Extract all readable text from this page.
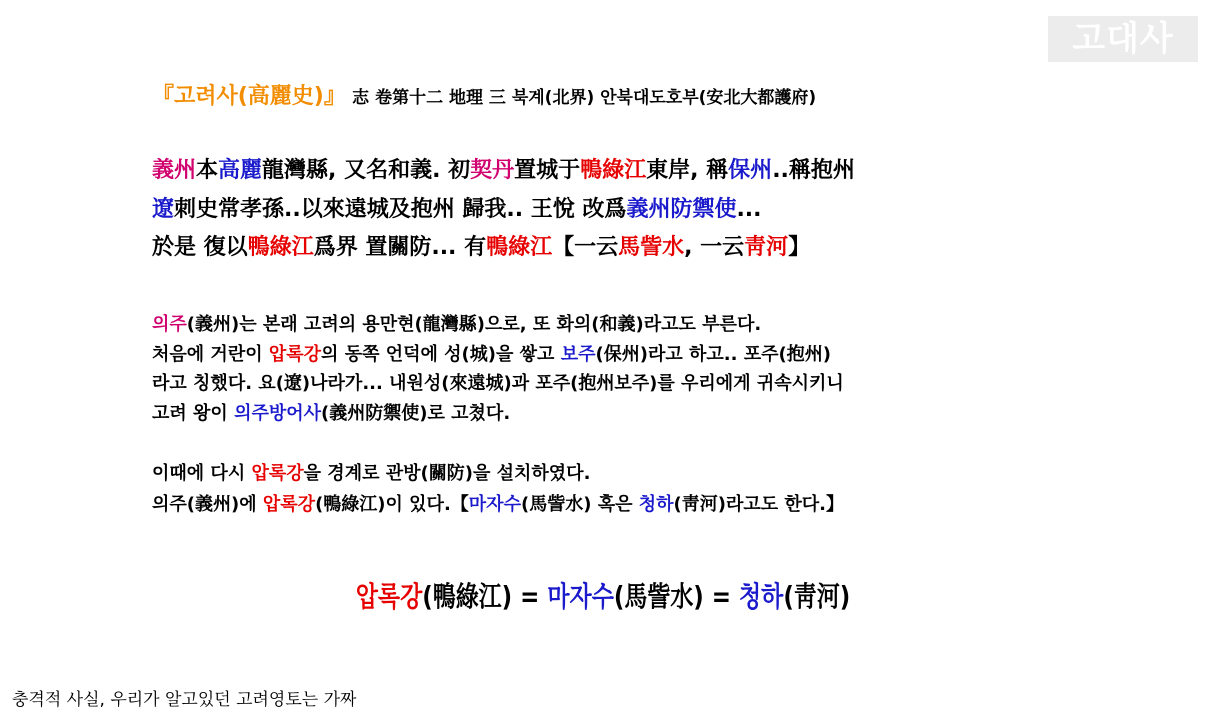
고대사TV
『고려사(高麗史)』 志 卷第十二 地理 三 북계(北界) 안북대도호부(安北大都護府)
義州本高麗龍灣縣, 又名和義. 初契丹置城于鴨綠江東岸, 稱保州..稱抱州
遼刺史常孝孫..以來遠城及抱州 歸我.. 王悅 改爲義州防禦使...
於是 復以鴨綠江爲界 置關防... 有鴨綠江【一云馬訾水, 一云靑河】
의주(義州)는 본래 고려의 용만현(龍灣縣)으로, 또 화의(和義)라고도 부른다.
처음에 거란이 압록강의 동쪽 언덕에 성(城)을 쌓고 보주(保州)라고 하고.. 포주(抱州)
라고 칭했다. 요(遼)나라가... 내원성(來遠城)과 포주(抱州보주)를 우리에게 귀속시키니
고려 왕이 의주방어사(義州防禦使)로 고쳤다.
이때에 다시 압록강을 경계로 관방(關防)을 설치하였다.
의주(義州)에 압록강(鴨綠江)이 있다.【마자수(馬訾水) 혹은 청하(靑河)라고도 한다.】
압록강(鴨綠江) = 마자수(馬訾水) = 청하(靑河)
충격적 사실, 우리가 알고있던 고려영토는 가짜
